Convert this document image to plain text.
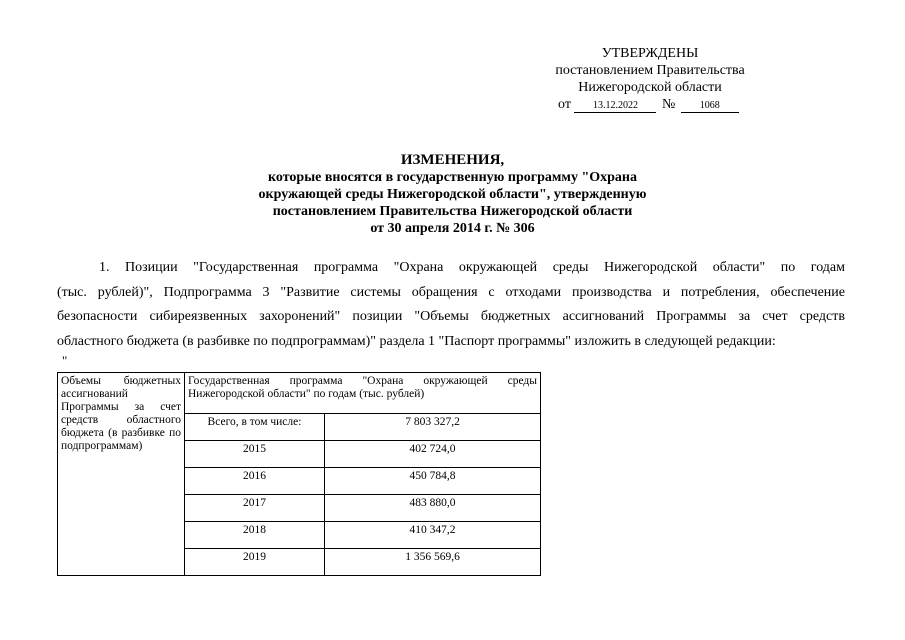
УТВЕРЖДЕНЫ
постановлением Правительства
Нижегородской области
от 13.12.2022 № 1068
ИЗМЕНЕНИЯ,
которые вносятся в государственную программу "Охрана
окружающей среды Нижегородской области", утвержденную
постановлением Правительства Нижегородской области
от 30 апреля 2014 г. № 306
1. Позиции "Государственная программа "Охрана окружающей среды Нижегородской области" по годам
(тыс. рублей)", Подпрограмма 3 "Развитие системы обращения с отходами производства и потребления, обеспечение
безопасности сибиреязвенных захоронений" позиции "Объемы бюджетных ассигнований Программы за счет средств
областного бюджета (в разбивке по подпрограммам)" раздела 1 "Паспорт программы" изложить в следующей редакции:
"
Объемы бюджетных ассигнований Программы за счет средств областного бюджета (в разбивке по подпрограммам)	Государственная программа "Охрана окружающей среды Нижегородской области" по годам (тыс. рублей)	
	Всего, в том числе:	7 803 327,2
	2015	402 724,0
	2016	450 784,8
	2017	483 880,0
	2018	410 347,2
	2019	1 356 569,6
